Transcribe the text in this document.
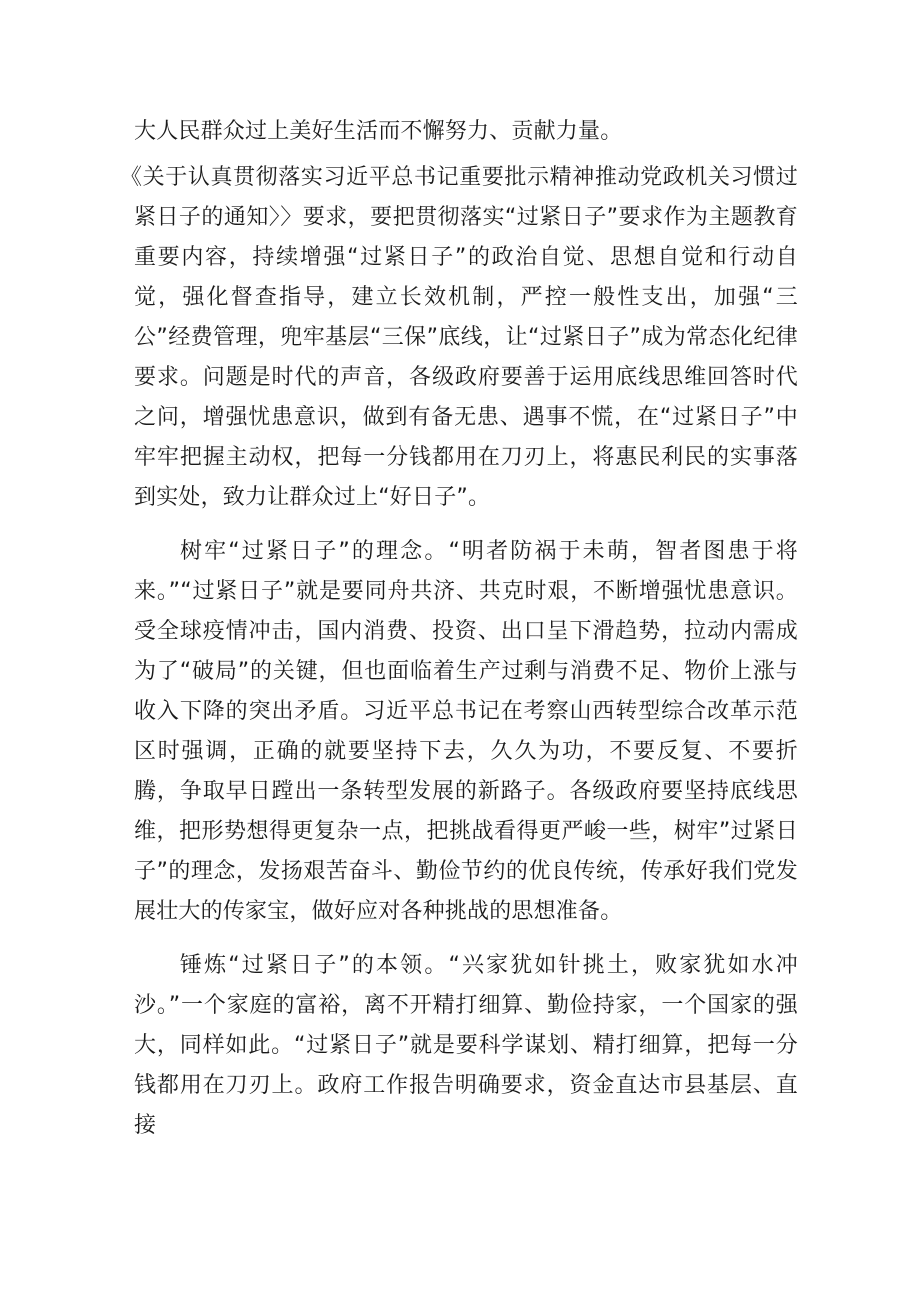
大人民群众过上美好生活而不懈努力、贡献力量。

《关于认真贯彻落实习近平总书记重要批示精神推动党政机关习惯过紧日子的通知〉〉要求，要把贯彻落实“过紧日子”要求作为主题教育重要内容，持续增强“过紧日子”的政治自觉、思想自觉和行动自觉，强化督查指导，建立长效机制，严控一般性支出，加强“三公”经费管理，兜牢基层“三保”底线，让“过紧日子”成为常态化纪律要求。问题是时代的声音，各级政府要善于运用底线思维回答时代之问，增强忧患意识，做到有备无患、遇事不慌，在“过紧日子”中牢牢把握主动权，把每一分钱都用在刀刃上，将惠民利民的实事落到实处，致力让群众过上“好日子”。

树牢“过紧日子”的理念。“明者防祸于未萌，智者图患于将来。”“过紧日子”就是要同舟共济、共克时艰，不断增强忧患意识。受全球疫情冲击，国内消费、投资、出口呈下滑趋势，拉动内需成为了“破局”的关键，但也面临着生产过剩与消费不足、物价上涨与收入下降的突出矛盾。习近平总书记在考察山西转型综合改革示范区时强调，正确的就要坚持下去，久久为功，不要反复、不要折腾，争取早日蹚出一条转型发展的新路子。各级政府要坚持底线思维，把形势想得更复杂一点，把挑战看得更严峻一些，树牢”过紧日子”的理念，发扬艰苦奋斗、勤俭节约的优良传统，传承好我们党发展壮大的传家宝，做好应对各种挑战的思想准备。

锤炼“过紧日子”的本领。“兴家犹如针挑土，败家犹如水冲沙。”一个家庭的富裕，离不开精打细算、勤俭持家，一个国家的强大，同样如此。“过紧日子”就是要科学谋划、精打细算，把每一分钱都用在刀刃上。政府工作报告明确要求，资金直达市县基层、直接
